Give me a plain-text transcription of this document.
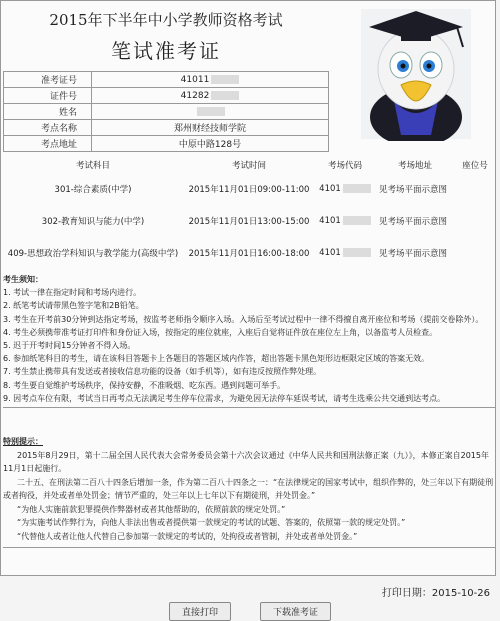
2015年下半年中小学教师资格考试
笔试准考证
准考证号	41011
证件号	41282
姓名	
考点名称	郑州财经技师学院
考点地址	中原中路128号
考试科目	考试时间	考场代码	考场地址	座位号
301-综合素质(中学)	2015年11月01日09:00-11:00	4101	见考场平面示意图	
302-教育知识与能力(中学)	2015年11月01日13:00-15:00	4101	见考场平面示意图	
409-思想政治学科知识与教学能力(高级中学)	2015年11月01日16:00-18:00	4101	见考场平面示意图	

考生须知：

1. 考试一律在指定时间和考场内进行。

2. 纸笔考试请带黑色签字笔和2B铅笔。

3. 考生在开考前30分钟到达指定考场，按监考老师指令顺序入场。入场后至考试过程中一律不得擅自离开座位和考场（提前交卷除外）。

4. 考生必须携带准考证打印件和身份证入场，按指定的座位就座，入座后自觉将证件放在座位左上角，以备监考人员检查。

5. 迟于开考时间15分钟者不得入场。

6. 参加纸笔科目的考生，请在该科目答题卡上各题目的答题区域内作答，超出答题卡黑色矩形边框限定区域的答案无效。

7. 考生禁止携带具有发送或者接收信息功能的设备（如手机等），如有违反按照作弊处理。

8. 考生要自觉维护考场秩序，保持安静，不准吸烟、吃东西。遇到问题可举手。

9. 因考点车位有限，考试当日再考点无法满足考生停车位需求，为避免因无法停车延误考试，请考生选乘公共交通到达考点。

特别提示：

2015年8月29日，第十二届全国人民代表大会常务委员会第十六次会议通过《中华人民共和国刑法修正案（九）》，本修正案自2015年11月1日起施行。

二十五、在刑法第二百八十四条后增加一条，作为第二百八十四条之一：“在法律规定的国家考试中，组织作弊的，处三年以下有期徒刑或者拘役，并处或者单处罚金；情节严重的，处三年以上七年以下有期徒刑，并处罚金。”

“为他人实施前款犯罪提供作弊器材或者其他帮助的，依照前款的规定处罚。”

“为实施考试作弊行为，向他人非法出售或者提供第一款规定的考试的试题、答案的，依照第一款的规定处罚。”

“代替他人或者让他人代替自己参加第一款规定的考试的，处拘役或者管制，并处或者单处罚金。”

打印日期：2015-10-26
直接打印	下载准考证
